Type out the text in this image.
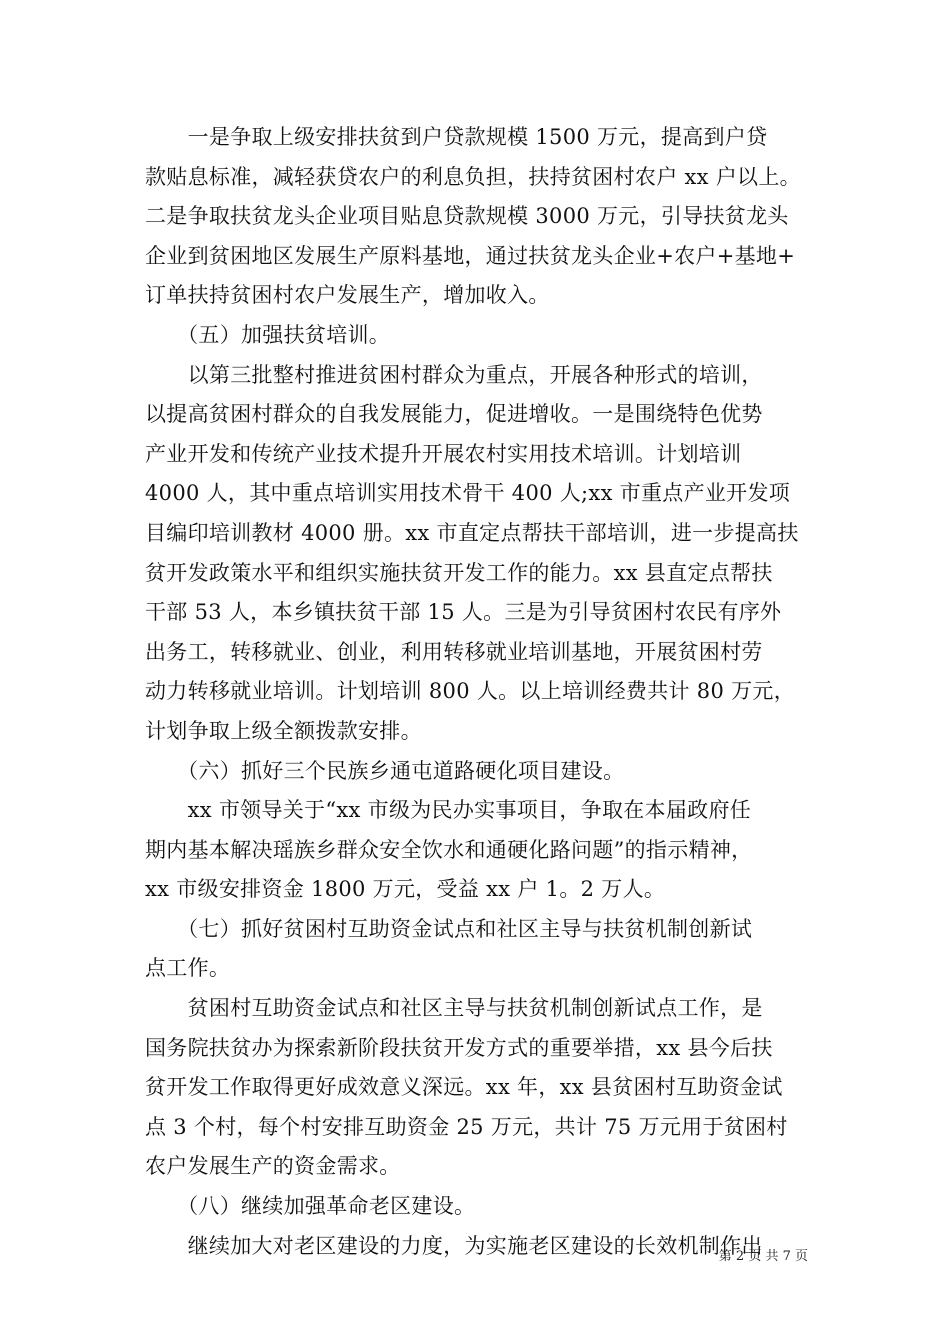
　　一是争取上级安排扶贫到户贷款规模 1500 万元，提高到户贷
款贴息标准，减轻获贷农户的利息负担，扶持贫困村农户 xx 户以上。
二是争取扶贫龙头企业项目贴息贷款规模 3000 万元，引导扶贫龙头
企业到贫困地区发展生产原料基地，通过扶贫龙头企业+农户+基地+
订单扶持贫困村农户发展生产，增加收入。
　　（五）加强扶贫培训。
　　以第三批整村推进贫困村群众为重点，开展各种形式的培训，
以提高贫困村群众的自我发展能力，促进增收。一是围绕特色优势
产业开发和传统产业技术提升开展农村实用技术培训。计划培训
4000 人，其中重点培训实用技术骨干 400 人;xx 市重点产业开发项
目编印培训教材 4000 册。xx 市直定点帮扶干部培训，进一步提高扶
贫开发政策水平和组织实施扶贫开发工作的能力。xx 县直定点帮扶
干部 53 人，本乡镇扶贫干部 15 人。三是为引导贫困村农民有序外
出务工，转移就业、创业，利用转移就业培训基地，开展贫困村劳
动力转移就业培训。计划培训 800 人。以上培训经费共计 80 万元，
计划争取上级全额拨款安排。
　　（六）抓好三个民族乡通屯道路硬化项目建设。
　　xx 市领导关于“xx 市级为民办实事项目，争取在本届政府任
期内基本解决瑶族乡群众安全饮水和通硬化路问题”的指示精神，
xx 市级安排资金 1800 万元，受益 xx 户 1。2 万人。
　　（七）抓好贫困村互助资金试点和社区主导与扶贫机制创新试
点工作。
　　贫困村互助资金试点和社区主导与扶贫机制创新试点工作，是
国务院扶贫办为探索新阶段扶贫开发方式的重要举措，xx 县今后扶
贫开发工作取得更好成效意义深远。xx 年，xx 县贫困村互助资金试
点 3 个村，每个村安排互助资金 25 万元，共计 75 万元用于贫困村
农户发展生产的资金需求。
　　（八）继续加强革命老区建设。
　　继续加大对老区建设的力度，为实施老区建设的长效机制作出
第 2 页 共 7 页
